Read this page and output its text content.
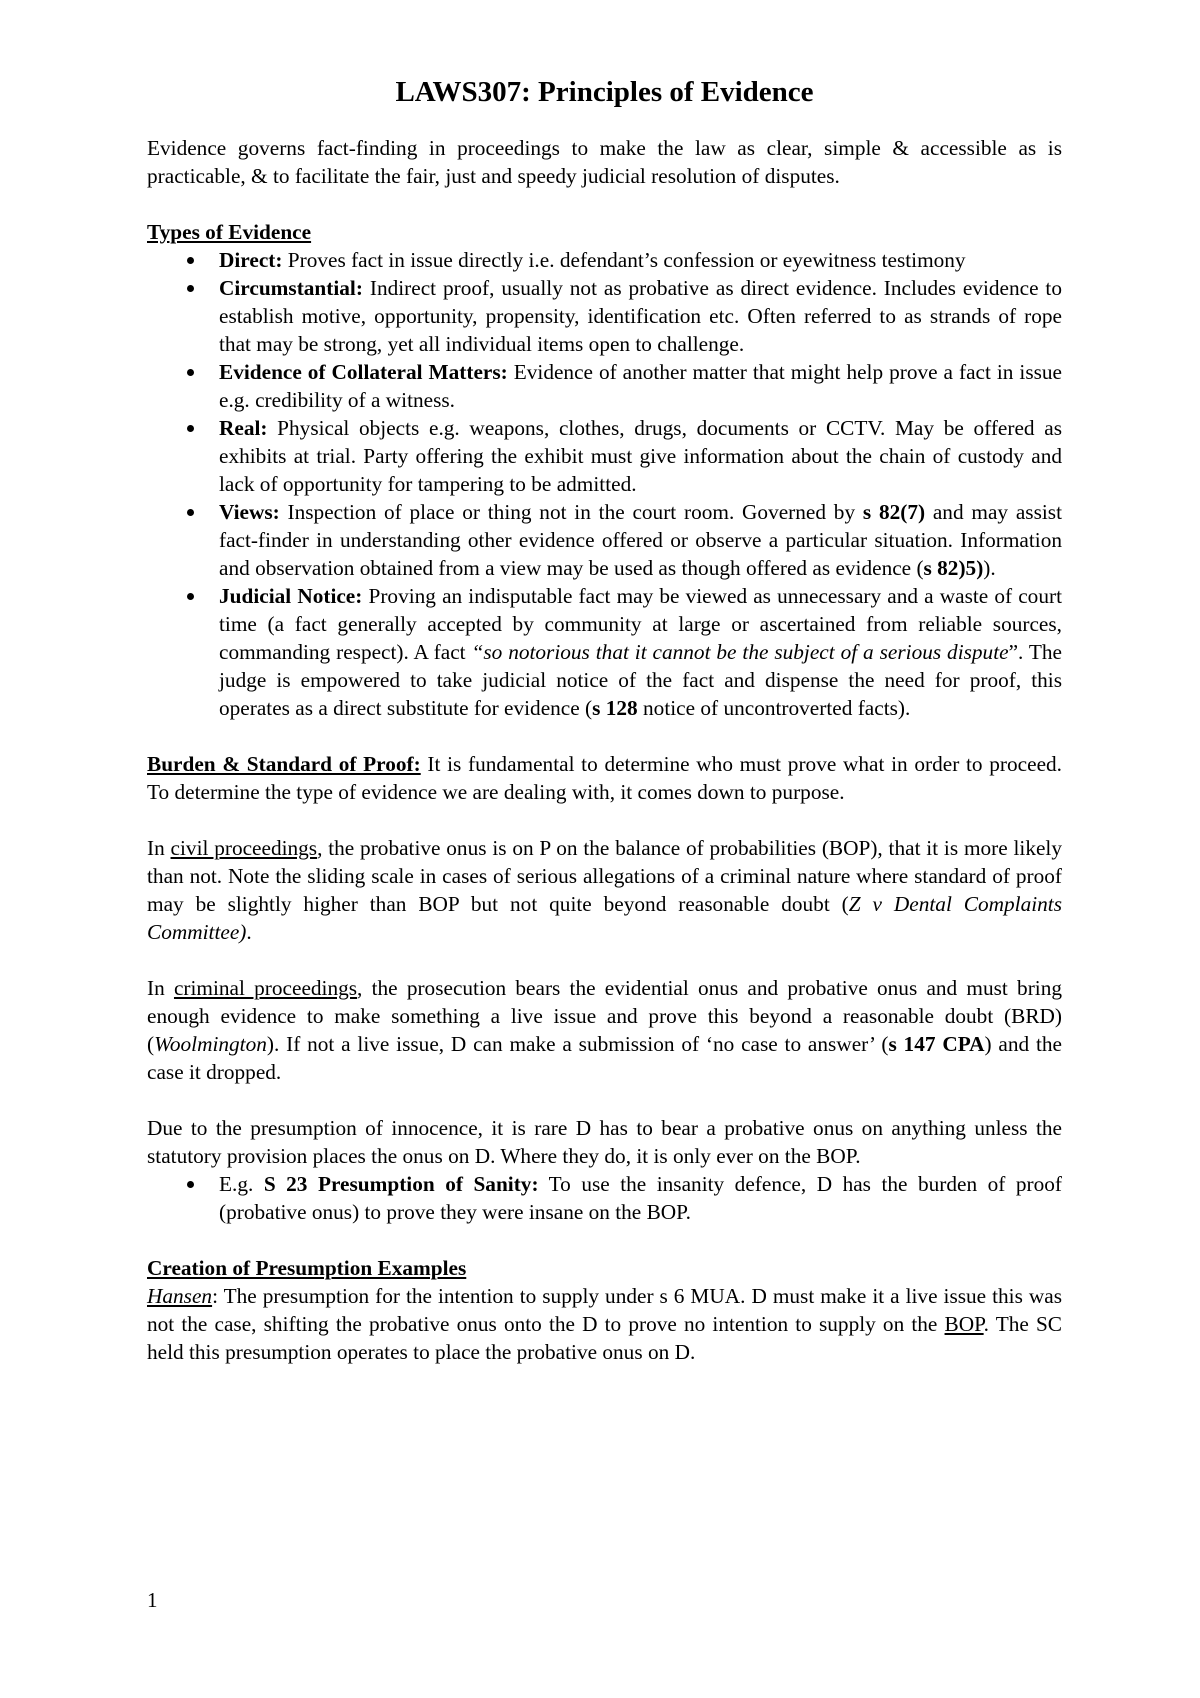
LAWS307: Principles of Evidence

Evidence governs fact-finding in proceedings to make the law as clear, simple & accessible as is practicable, & to facilitate the fair, just and speedy judicial resolution of disputes.

Types of Evidence
Direct: Proves fact in issue directly i.e. defendant’s confession or eyewitness testimony
Circumstantial: Indirect proof, usually not as probative as direct evidence. Includes evidence to establish motive, opportunity, propensity, identification etc. Often referred to as strands of rope that may be strong, yet all individual items open to challenge.
Evidence of Collateral Matters: Evidence of another matter that might help prove a fact in issue e.g. credibility of a witness.
Real: Physical objects e.g. weapons, clothes, drugs, documents or CCTV. May be offered as exhibits at trial. Party offering the exhibit must give information about the chain of custody and lack of opportunity for tampering to be admitted.
Views: Inspection of place or thing not in the court room. Governed by s 82(7) and may assist fact-finder in understanding other evidence offered or observe a particular situation. Information and observation obtained from a view may be used as though offered as evidence (s 82)5)).
Judicial Notice: Proving an indisputable fact may be viewed as unnecessary and a waste of court time (a fact generally accepted by community at large or ascertained from reliable sources, commanding respect). A fact “so notorious that it cannot be the subject of a serious dispute”. The judge is empowered to take judicial notice of the fact and dispense the need for proof, this operates as a direct substitute for evidence (s 128 notice of uncontroverted facts).

Burden & Standard of Proof: It is fundamental to determine who must prove what in order to proceed. To determine the type of evidence we are dealing with, it comes down to purpose.

In civil proceedings, the probative onus is on P on the balance of probabilities (BOP), that it is more likely than not. Note the sliding scale in cases of serious allegations of a criminal nature where standard of proof may be slightly higher than BOP but not quite beyond reasonable doubt (Z v Dental Complaints Committee).

In criminal proceedings, the prosecution bears the evidential onus and probative onus and must bring enough evidence to make something a live issue and prove this beyond a reasonable doubt (BRD) (Woolmington). If not a live issue, D can make a submission of ‘no case to answer’ (s 147 CPA) and the case it dropped.

Due to the presumption of innocence, it is rare D has to bear a probative onus on anything unless the statutory provision places the onus on D. Where they do, it is only ever on the BOP.

E.g. S 23 Presumption of Sanity: To use the insanity defence, D has the burden of proof (probative onus) to prove they were insane on the BOP.
Creation of Presumption Examples

Hansen: The presumption for the intention to supply under s 6 MUA. D must make it a live issue this was not the case, shifting the probative onus onto the D to prove no intention to supply on the BOP. The SC held this presumption operates to place the probative onus on D.

1
